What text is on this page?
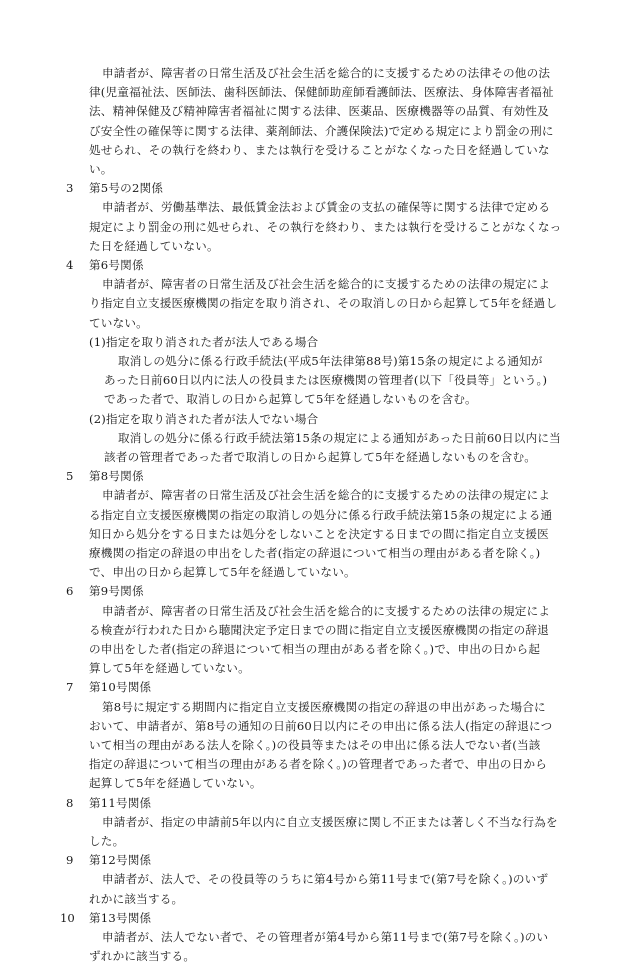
申請者が、障害者の日常生活及び社会生活を総合的に支援するための法律その他の法
律(児童福祉法、医師法、歯科医師法、保健師助産師看護師法、医療法、身体障害者福祉
法、精神保健及び精神障害者福祉に関する法律、医薬品、医療機器等の品質、有効性及
び安全性の確保等に関する法律、薬剤師法、介護保険法)で定める規定により罰金の刑に
処せられ、その執行を終わり、または執行を受けることがなくなった日を経過していな
い。
3 第5号の2関係
申請者が、労働基準法、最低賃金法および賃金の支払の確保等に関する法律で定める
規定により罰金の刑に処せられ、その執行を終わり、または執行を受けることがなくなっ
た日を経過していない。
4 第6号関係
申請者が、障害者の日常生活及び社会生活を総合的に支援するための法律の規定によ
り指定自立支援医療機関の指定を取り消され、その取消しの日から起算して5年を経過し
ていない。
(1)指定を取り消された者が法人である場合
取消しの処分に係る行政手続法(平成5年法律第88号)第15条の規定による通知が
あった日前60日以内に法人の役員または医療機関の管理者(以下「役員等」という。)
であった者で、取消しの日から起算して5年を経過しないものを含む。
(2)指定を取り消された者が法人でない場合
取消しの処分に係る行政手続法第15条の規定による通知があった日前60日以内に当
該者の管理者であった者で取消しの日から起算して5年を経過しないものを含む。
5 第8号関係
申請者が、障害者の日常生活及び社会生活を総合的に支援するための法律の規定によ
る指定自立支援医療機関の指定の取消しの処分に係る行政手続法第15条の規定による通
知日から処分をする日または処分をしないことを決定する日までの間に指定自立支援医
療機関の指定の辞退の申出をした者(指定の辞退について相当の理由がある者を除く。)
で、申出の日から起算して5年を経過していない。
6 第9号関係
申請者が、障害者の日常生活及び社会生活を総合的に支援するための法律の規定によ
る検査が行われた日から聴聞決定予定日までの間に指定自立支援医療機関の指定の辞退
の申出をした者(指定の辞退について相当の理由がある者を除く。)で、申出の日から起
算して5年を経過していない。
7 第10号関係
第8号に規定する期間内に指定自立支援医療機関の指定の辞退の申出があった場合に
おいて、申請者が、第8号の通知の日前60日以内にその申出に係る法人(指定の辞退につ
いて相当の理由がある法人を除く。)の役員等またはその申出に係る法人でない者(当該
指定の辞退について相当の理由がある者を除く。)の管理者であった者で、申出の日から
起算して5年を経過していない。
8 第11号関係
申請者が、指定の申請前5年以内に自立支援医療に関し不正または著しく不当な行為を
した。
9 第12号関係
申請者が、法人で、その役員等のうちに第4号から第11号まで(第7号を除く。)のいず
れかに該当する。
10 第13号関係
申請者が、法人でない者で、その管理者が第4号から第11号まで(第7号を除く。)のい
ずれかに該当する。
